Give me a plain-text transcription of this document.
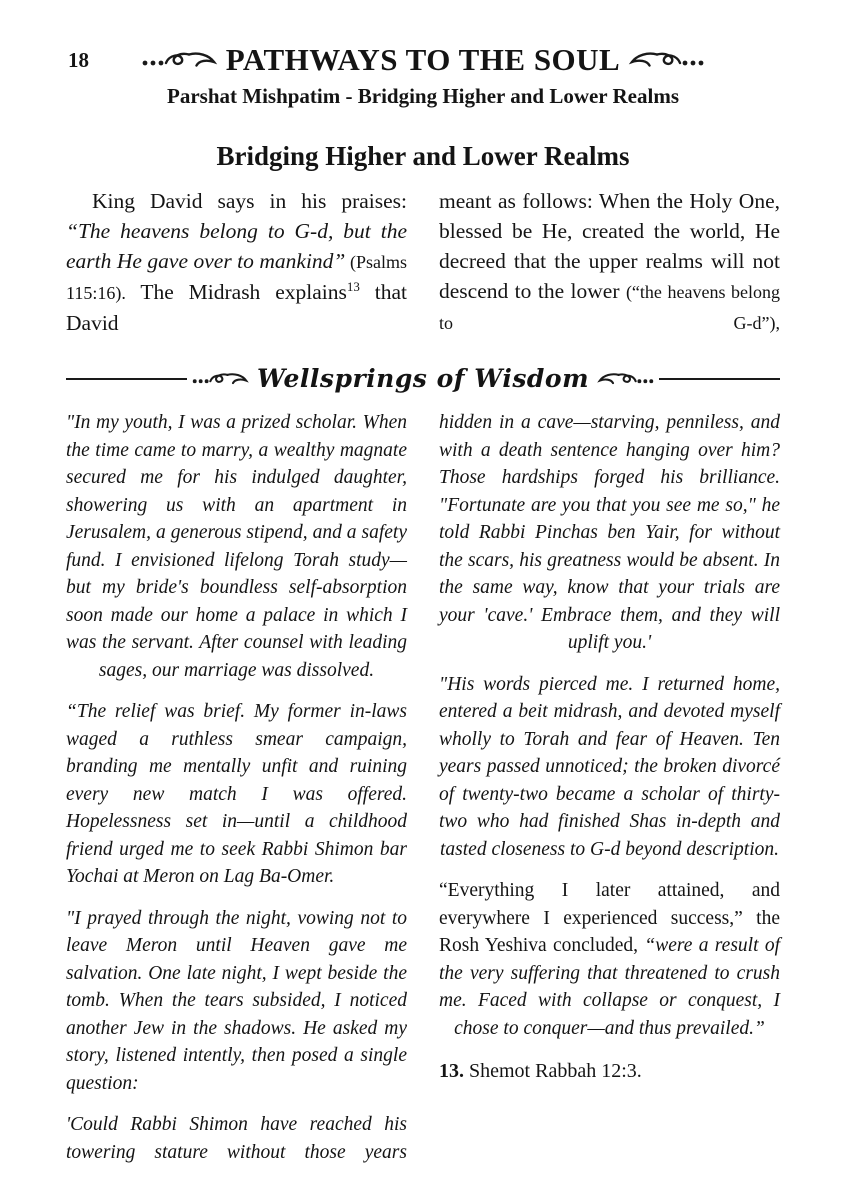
18	PATHWAYS TO THE SOUL
Parshat Mishpatim - Bridging Higher and Lower Realms
Bridging Higher and Lower Realms

King David says in his praises: “The heavens belong to G-d, but the earth He gave over to mankind” (Psalms 115:16). The Midrash explains$^{13}$ that David

meant as follows: When the Holy One, blessed be He, created the world, He decreed that the upper realms will not descend to the lower (“the heavens belong to G-d”),

Wellsprings of Wisdom

"In my youth, I was a prized scholar. When the time came to marry, a wealthy magnate secured me for his indulged daughter, showering us with an apartment in Jerusalem, a generous stipend, and a safety fund. I envisioned lifelong Torah study—but my bride's boundless self-absorption soon made our home a palace in which I was the servant. After counsel with leading sages, our marriage was dissolved.

“The relief was brief. My former in-laws waged a ruthless smear campaign, branding me mentally unfit and ruining every new match I was offered. Hopelessness set in—until a childhood friend urged me to seek Rabbi Shimon bar Yochai at Meron on Lag Ba-Omer.

"I prayed through the night, vowing not to leave Meron until Heaven gave me salvation. One late night, I wept beside the tomb. When the tears subsided, I noticed another Jew in the shadows. He asked my story, listened intently, then posed a single question:

'Could Rabbi Shimon have reached his towering stature without those years

hidden in a cave—starving, penniless, and with a death sentence hanging over him? Those hardships forged his brilliance. "Fortunate are you that you see me so," he told Rabbi Pinchas ben Yair, for without the scars, his greatness would be absent. In the same way, know that your trials are your 'cave.' Embrace them, and they will uplift you.'

"His words pierced me. I returned home, entered a beit midrash, and devoted myself wholly to Torah and fear of Heaven. Ten years passed unnoticed; the broken divorcé of twenty-two became a scholar of thirty-two who had finished Shas in-depth and tasted closeness to G-d beyond description.

“Everything I later attained, and everywhere I experienced success,” the Rosh Yeshiva concluded, “were a result of the very suffering that threatened to crush me. Faced with collapse or conquest, I chose to conquer—and thus prevailed.”

13. Shemot Rabbah 12:3.
